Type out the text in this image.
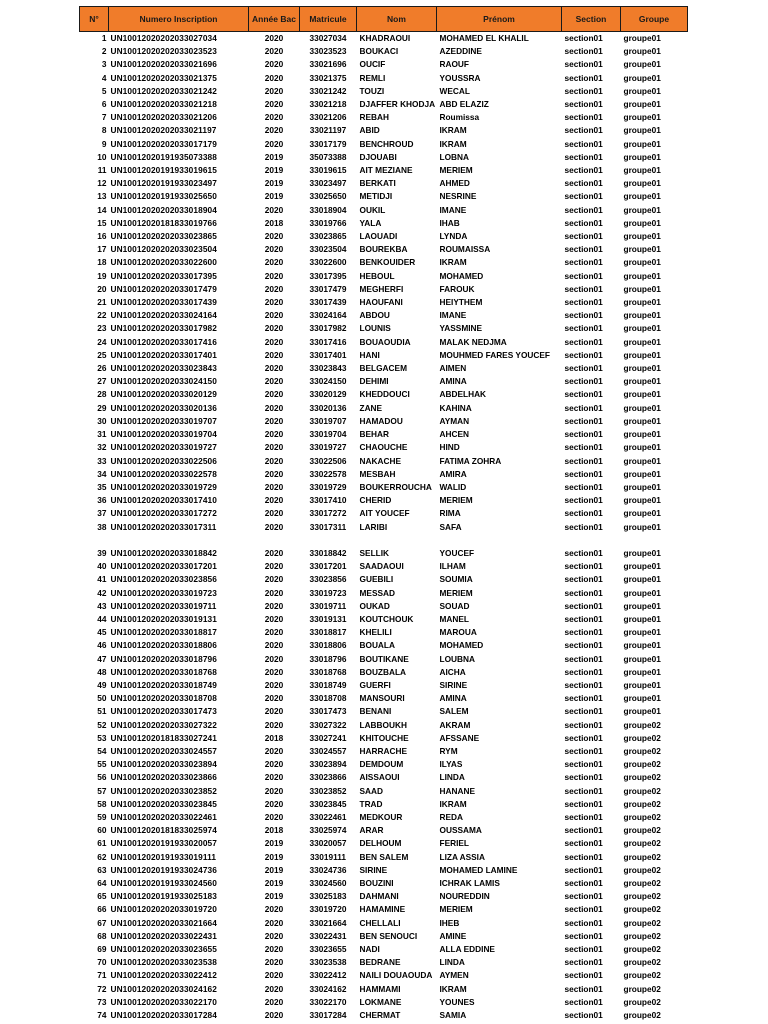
N°	Numero Inscription	Année Bac	Matricule	Nom	Prénom	Section	Groupe
1	UN10012020202033027034	2020	33027034	KHADRAOUI	MOHAMED EL KHALIL	section01	groupe01
2	UN10012020202033023523	2020	33023523	BOUKACI	AZEDDINE	section01	groupe01
3	UN10012020202033021696	2020	33021696	OUCIF	RAOUF	section01	groupe01
4	UN10012020202033021375	2020	33021375	REMLI	YOUSSRA	section01	groupe01
5	UN10012020202033021242	2020	33021242	TOUZI	WECAL	section01	groupe01
6	UN10012020202033021218	2020	33021218	DJAFFER KHODJA	ABD ELAZIZ	section01	groupe01
7	UN10012020202033021206	2020	33021206	REBAH	Roumissa	section01	groupe01
8	UN10012020202033021197	2020	33021197	ABID	IKRAM	section01	groupe01
9	UN10012020202033017179	2020	33017179	BENCHROUD	IKRAM	section01	groupe01
10	UN10012020191935073388	2019	35073388	DJOUABI	LOBNA	section01	groupe01
11	UN10012020191933019615	2019	33019615	AIT MEZIANE	MERIEM	section01	groupe01
12	UN10012020191933023497	2019	33023497	BERKATI	AHMED	section01	groupe01
13	UN10012020191933025650	2019	33025650	METIDJI	NESRINE	section01	groupe01
14	UN10012020202033018904	2020	33018904	OUKIL	IMANE	section01	groupe01
15	UN10012020181833019766	2018	33019766	YALA	IHAB	section01	groupe01
16	UN10012020202033023865	2020	33023865	LAOUADI	LYNDA	section01	groupe01
17	UN10012020202033023504	2020	33023504	BOUREKBA	ROUMAISSA	section01	groupe01
18	UN10012020202033022600	2020	33022600	BENKOUIDER	IKRAM	section01	groupe01
19	UN10012020202033017395	2020	33017395	HEBOUL	MOHAMED	section01	groupe01
20	UN10012020202033017479	2020	33017479	MEGHERFI	FAROUK	section01	groupe01
21	UN10012020202033017439	2020	33017439	HAOUFANI	HEIYTHEM	section01	groupe01
22	UN10012020202033024164	2020	33024164	ABDOU	IMANE	section01	groupe01
23	UN10012020202033017982	2020	33017982	LOUNIS	YASSMINE	section01	groupe01
24	UN10012020202033017416	2020	33017416	BOUAOUDIA	MALAK NEDJMA	section01	groupe01
25	UN10012020202033017401	2020	33017401	HANI	MOUHMED FARES YOUCEF	section01	groupe01
26	UN10012020202033023843	2020	33023843	BELGACEM	AIMEN	section01	groupe01
27	UN10012020202033024150	2020	33024150	DEHIMI	AMINA	section01	groupe01
28	UN10012020202033020129	2020	33020129	KHEDDOUCI	ABDELHAK	section01	groupe01
29	UN10012020202033020136	2020	33020136	ZANE	KAHINA	section01	groupe01
30	UN10012020202033019707	2020	33019707	HAMADOU	AYMAN	section01	groupe01
31	UN10012020202033019704	2020	33019704	BEHAR	AHCEN	section01	groupe01
32	UN10012020202033019727	2020	33019727	CHAOUCHE	HIND	section01	groupe01
33	UN10012020202033022506	2020	33022506	NAKACHE	FATIMA ZOHRA	section01	groupe01
34	UN10012020202033022578	2020	33022578	MESBAH	AMIRA	section01	groupe01
35	UN10012020202033019729	2020	33019729	BOUKERROUCHA	WALID	section01	groupe01
36	UN10012020202033017410	2020	33017410	CHERID	MERIEM	section01	groupe01
37	UN10012020202033017272	2020	33017272	AIT YOUCEF	RIMA	section01	groupe01
38	UN10012020202033017311	2020	33017311	LARIBI	SAFA	section01	groupe01

39	UN10012020202033018842	2020	33018842	SELLIK	YOUCEF	section01	groupe01
40	UN10012020202033017201	2020	33017201	SAADAOUI	ILHAM	section01	groupe01
41	UN10012020202033023856	2020	33023856	GUEBILI	SOUMIA	section01	groupe01
42	UN10012020202033019723	2020	33019723	MESSAD	MERIEM	section01	groupe01
43	UN10012020202033019711	2020	33019711	OUKAD	SOUAD	section01	groupe01
44	UN10012020202033019131	2020	33019131	KOUTCHOUK	MANEL	section01	groupe01
45	UN10012020202033018817	2020	33018817	KHELILI	MAROUA	section01	groupe01
46	UN10012020202033018806	2020	33018806	BOUALA	MOHAMED	section01	groupe01
47	UN10012020202033018796	2020	33018796	BOUTIKANE	LOUBNA	section01	groupe01
48	UN10012020202033018768	2020	33018768	BOUZBALA	AICHA	section01	groupe01
49	UN10012020202033018749	2020	33018749	GUERFI	SIRINE	section01	groupe01
50	UN10012020202033018708	2020	33018708	MANSOURI	AMINA	section01	groupe01
51	UN10012020202033017473	2020	33017473	BENANI	SALEM	section01	groupe01
52	UN10012020202033027322	2020	33027322	LABBOUKH	AKRAM	section01	groupe02
53	UN10012020181833027241	2018	33027241	KHITOUCHE	AFSSANE	section01	groupe02
54	UN10012020202033024557	2020	33024557	HARRACHE	RYM	section01	groupe02
55	UN10012020202033023894	2020	33023894	DEMDOUM	ILYAS	section01	groupe02
56	UN10012020202033023866	2020	33023866	AISSAOUI	LINDA	section01	groupe02
57	UN10012020202033023852	2020	33023852	SAAD	HANANE	section01	groupe02
58	UN10012020202033023845	2020	33023845	TRAD	IKRAM	section01	groupe02
59	UN10012020202033022461	2020	33022461	MEDKOUR	REDA	section01	groupe02
60	UN10012020181833025974	2018	33025974	ARAR	OUSSAMA	section01	groupe02
61	UN10012020191933020057	2019	33020057	DELHOUM	FERIEL	section01	groupe02
62	UN10012020191933019111	2019	33019111	BEN SALEM	LIZA ASSIA	section01	groupe02
63	UN10012020191933024736	2019	33024736	SIRINE	MOHAMED LAMINE	section01	groupe02
64	UN10012020191933024560	2019	33024560	BOUZINI	ICHRAK LAMIS	section01	groupe02
65	UN10012020191933025183	2019	33025183	DAHMANI	NOUREDDIN	section01	groupe02
66	UN10012020202033019720	2020	33019720	HAMAMINE	MERIEM	section01	groupe02
67	UN10012020202033021664	2020	33021664	CHELLALI	IHEB	section01	groupe02
68	UN10012020202033022431	2020	33022431	BEN SENOUCI	AMINE	section01	groupe02
69	UN10012020202033023655	2020	33023655	NADI	ALLA EDDINE	section01	groupe02
70	UN10012020202033023538	2020	33023538	BEDRANE	LINDA	section01	groupe02
71	UN10012020202033022412	2020	33022412	NAILI DOUAOUDA	AYMEN	section01	groupe02
72	UN10012020202033024162	2020	33024162	HAMMAMI	IKRAM	section01	groupe02
73	UN10012020202033022170	2020	33022170	LOKMANE	YOUNES	section01	groupe02
74	UN10012020202033017284	2020	33017284	CHERMAT	SAMIA	section01	groupe02
